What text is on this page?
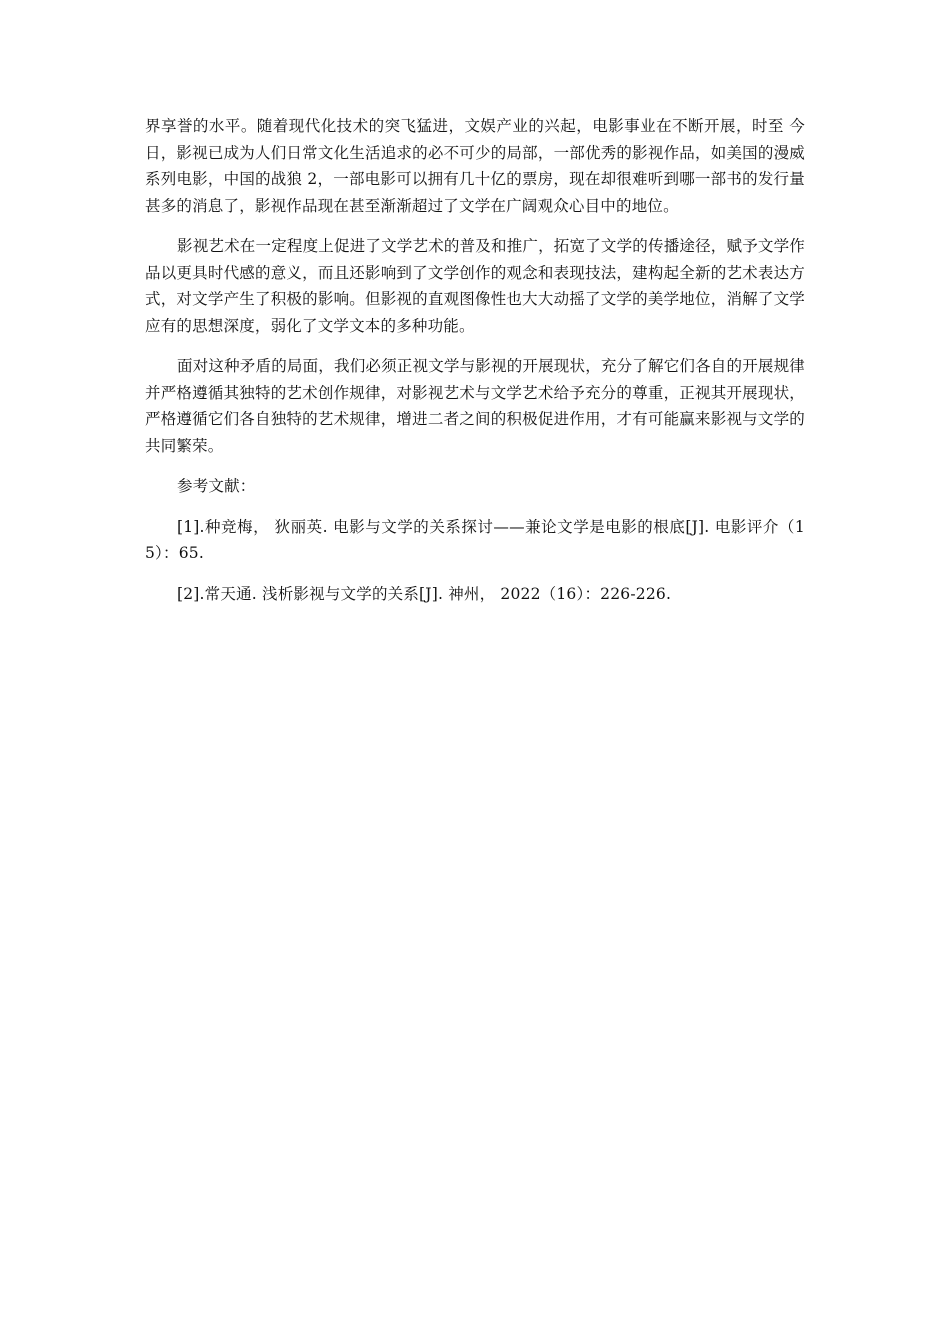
界享誉的水平。随着现代化技术的突飞猛进，文娱产业的兴起，电影事业在不断开展，时至 今 日，影视已成为人们日常文化生活追求的必不可少的局部，一部优秀的影视作品，如美国的漫威系列电影，中国的战狼 2，一部电影可以拥有几十亿的票房，现在却很难听到哪一部书的发行量甚多的消息了，影视作品现在甚至渐渐超过了文学在广阔观众心目中的地位。

影视艺术在一定程度上促进了文学艺术的普及和推广，拓宽了文学的传播途径，赋予文学作品以更具时代感的意义，而且还影响到了文学创作的观念和表现技法，建构起全新的艺术表达方式，对文学产生了积极的影响。但影视的直观图像性也大大动摇了文学的美学地位，消解了文学应有的思想深度，弱化了文学文本的多种功能。

面对这种矛盾的局面，我们必须正视文学与影视的开展现状，充分了解它们各自的开展规律并严格遵循其独特的艺术创作规律，对影视艺术与文学艺术给予充分的尊重，正视其开展现状，严格遵循它们各自独特的艺术规律，增进二者之间的积极促进作用，才有可能赢来影视与文学的共同繁荣。

参考文献：

[1].种竞梅， 狄丽英. 电影与文学的关系探讨——兼论文学是电影的根底[J]. 电影评介（15）：65.

[2].常天通. 浅析影视与文学的关系[J]. 神州， 2022（16）：226-226.
